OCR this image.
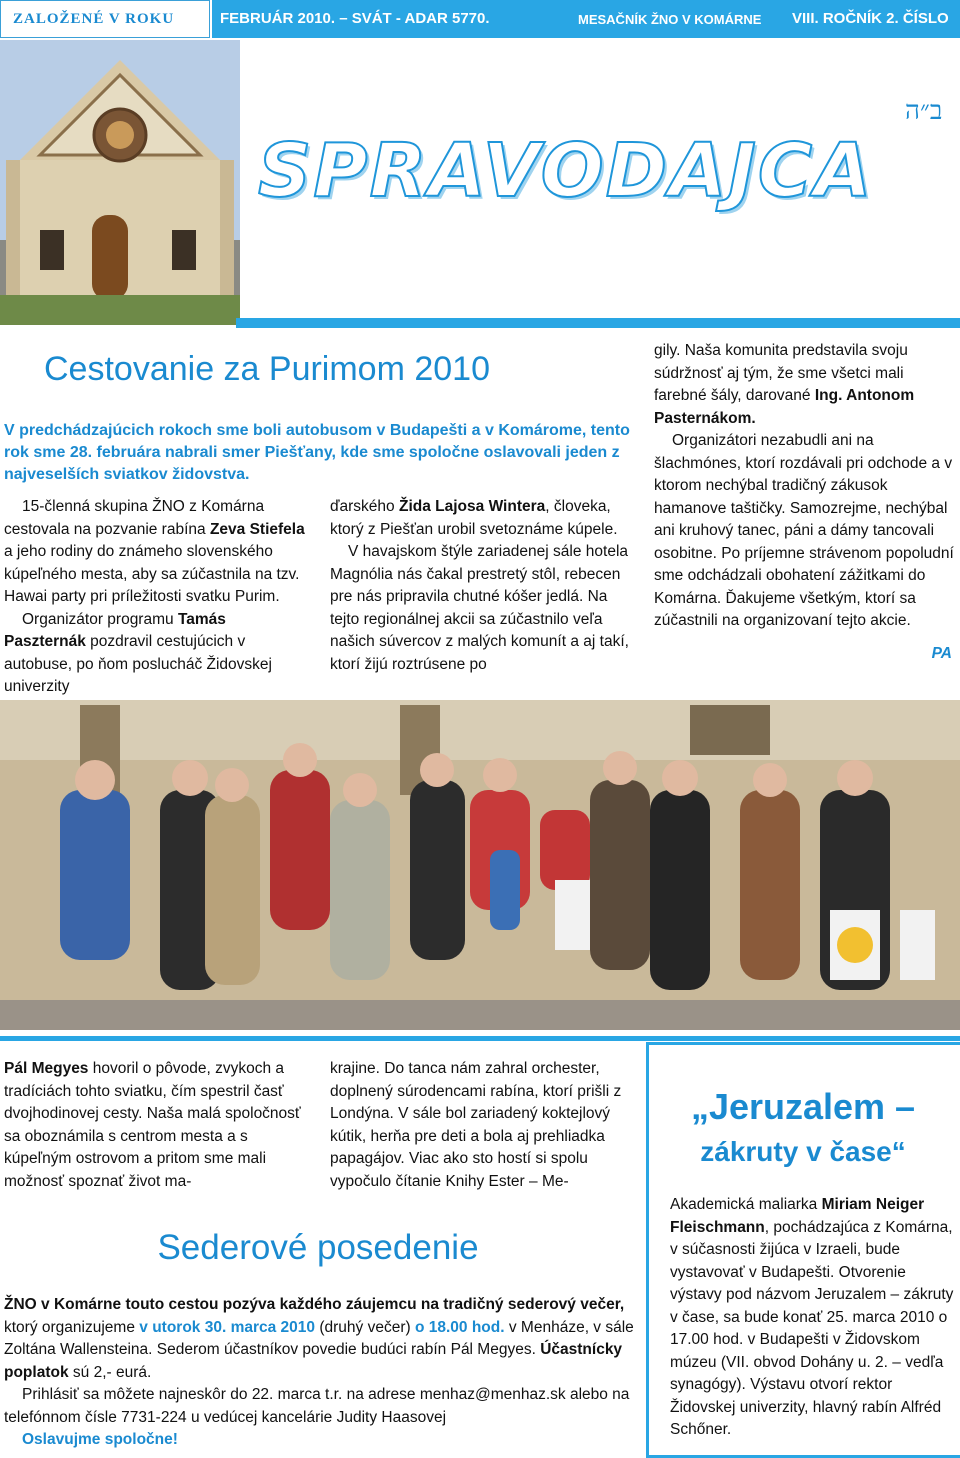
ZALOŽENÉ V ROKU	FEBRUÁR 2010. – SVÁT - ADAR 5770.	MESAČNÍK ŽNO V KOMÁRNE VIII. ROČNÍK 2. ČÍSLO
ב״ה
SPRAVODAJCA
Cestovanie za Purimom 2010
V predchádzajúcich rokoch sme boli autobusom v Budapešti a v Komárome, tento rok sme 28. februára nabrali smer Piešťany, kde sme spoločne oslavovali jeden z najveselších sviatkov židovstva.

15-členná skupina ŽNO z Komárna cestovala na pozvanie rabína Zeva Stiefela a jeho rodiny do známeho slovenského kúpeľného mesta, aby sa zúčastnila na tzv. Hawai party pri príležitosti svatku Purim.

Organizátor programu Tamás Paszternák pozdravil cestujúcich v autobuse, po ňom poslucháč Židovskej univerzity

ďarského Žida Lajosa Wintera, človeka, ktorý z Piešťan urobil svetoznáme kúpele.

V havajskom štýle zariadenej sále hotela Magnólia nás čakal prestretý stôl, rebecen pre nás pripravila chutné kóšer jedlá. Na tejto regionálnej akcii sa zúčastnilo veľa našich súvercov z malých komunít a aj takí, ktorí žijú roztrúsene po

gily. Naša komunita predstavila svoju súdržnosť aj tým, že sme všetci mali farebné šály, darované Ing. Antonom Pasternákom.

Organizátori nezabudli ani na šlachmónes, ktorí rozdávali pri odchode a v ktorom nechýbal tradičný zákusok hamanove taštičky. Samozrejme, nechýbal ani kruhový tanec, páni a dámy tancovali osobitne. Po príjemne strávenom popoludní sme odchádzali obohatení zážitkami do Komárna. Ďakujeme všetkým, ktorí sa zúčastnili na organizovaní tejto akcie.

PA

Pál Megyes hovoril o pôvode, zvykoch a tradíciách tohto sviatku, čím spestril časť dvojhodinovej cesty. Naša malá spoločnosť sa oboznámila s centrom mesta a s kúpeľným ostrovom a pritom sme mali možnosť spoznať život ma-

krajine. Do tanca nám zahral orchester, doplnený súrodencami rabína, ktorí prišli z Londýna. V sále bol zariadený koktejlový kútik, herňa pre deti a bola aj prehliadka papagájov. Viac ako sto hostí si spolu vypočulo čítanie Knihy Ester – Me-

Sederové posedenie

ŽNO v Komárne touto cestou pozýva každého záujemcu na tradičný sederový večer, ktorý organizujeme v utorok 30. marca 2010 (druhý večer) o 18.00 hod. v Menháze, v sále Zoltána Wallensteina. Sederom účastníkov povedie budúci rabín Pál Megyes. Účastnícky poplatok sú 2,- eurá.

Prihlásiť sa môžete najneskôr do 22. marca t.r. na adrese menhaz@menhaz.sk alebo na telefónnom čísle 7731-224 u vedúcej kancelárie Judity Haasovej

Oslavujme spoločne!

„Jeruzalem –
zákruty v čase“

Akademická maliarka Miriam Neiger Fleischmann, pochádzajúca z Komárna, v súčasnosti žijúca v Izraeli, bude vystavovať v Budapešti. Otvorenie výstavy pod názvom Jeruzalem – zákruty v čase, sa bude konať 25. marca 2010 o 17.00 hod. v Budapešti v Židovskom múzeu (VII. obvod Dohány u. 2. – vedľa synagógy). Výstavu otvorí rektor Židovskej univerzity, hlavný rabín Alfréd Schőner.
